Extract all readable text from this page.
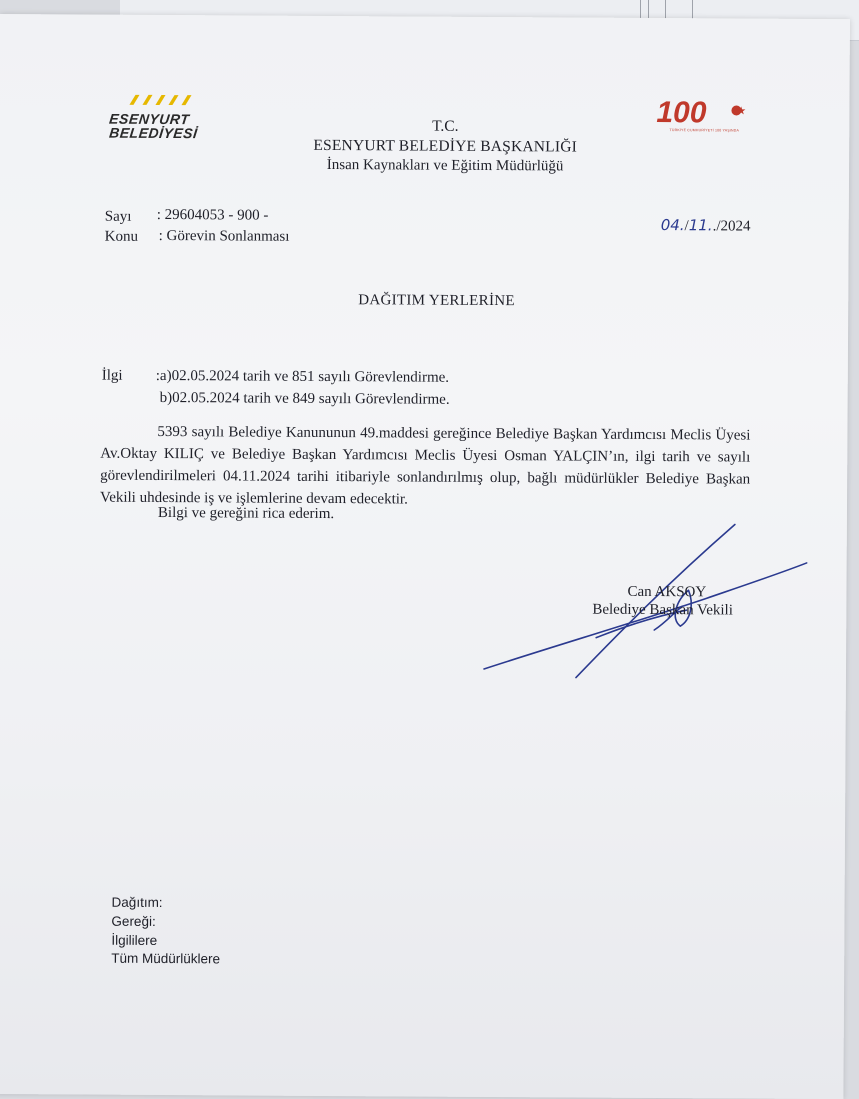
ESENYURT
BELEDİYESİ
100
TÜRKİYE CUMHURİYETİ 100 YAŞINDA
T.C.
ESENYURT BELEDİYE BAŞKANLIĞI
İnsan Kaynakları ve Eğitim Müdürlüğü
Sayı : 29604053 - 900 -
Konu : Görevin Sonlanması
04./11../2024
DAĞITIM YERLERİNE
İlgi :a)02.05.2024 tarih ve 851 sayılı Görevlendirme.
b)02.05.2024 tarih ve 849 sayılı Görevlendirme.
5393 sayılı Belediye Kanununun 49.maddesi gereğince Belediye Başkan Yardımcısı Meclis Üyesi Av.Oktay KILIÇ ve Belediye Başkan Yardımcısı Meclis Üyesi Osman YALÇIN’ın, ilgi tarih ve sayılı görevlendirilmeleri 04.11.2024 tarihi itibariyle sonlandırılmış olup, bağlı müdürlükler Belediye Başkan Vekili uhdesinde iş ve işlemlerine devam edecektir.
Bilgi ve gereğini rica ederim.
Can AKSOY
Belediye Başkan Vekili
Dağıtım:
Gereği:
İlgililere
Tüm Müdürlüklere
